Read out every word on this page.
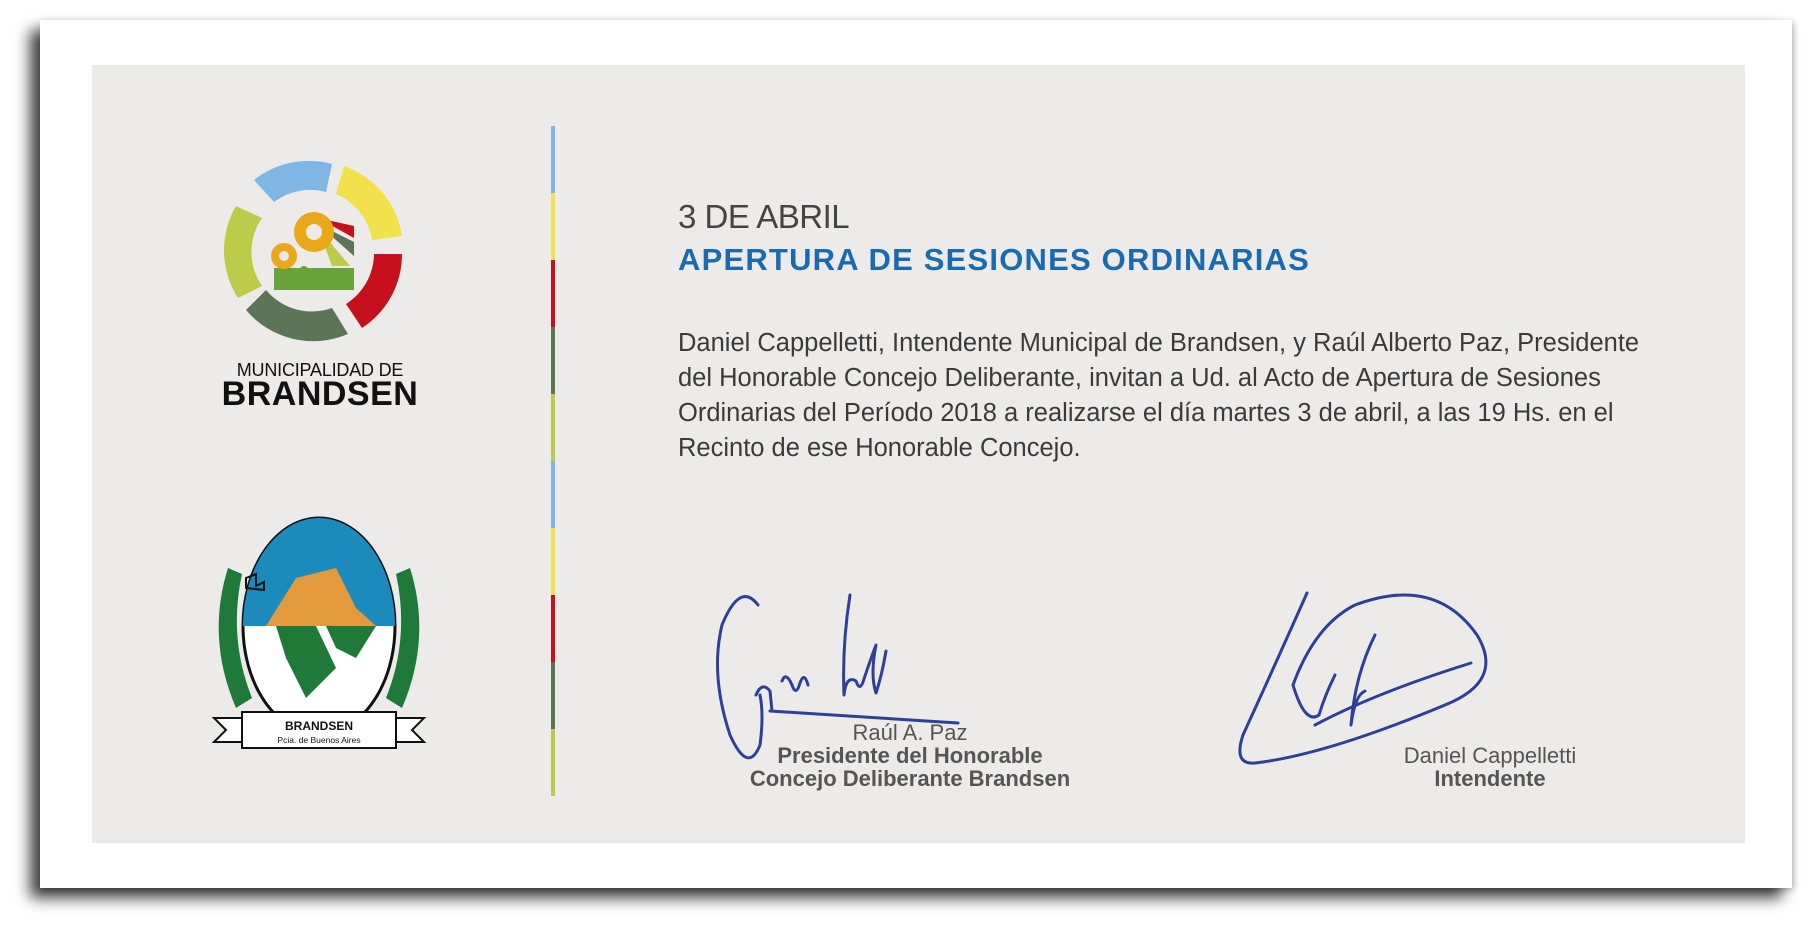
MUNICIPALIDAD DE
BRANDSEN
BRANDSEN
Pcia. de Buenos Aires
3 DE ABRIL
APERTURA DE SESIONES ORDINARIAS
Daniel Cappelletti, Intendente Municipal de Brandsen, y Raúl Alberto Paz, Presidente del Honorable Concejo Deliberante, invitan a Ud. al Acto de Apertura de Sesiones Ordinarias del Período 2018 a realizarse el día martes 3 de abril, a las 19 Hs. en el Recinto de ese Honorable Concejo.
Raúl A. Paz
Presidente del Honorable
Concejo Deliberante Brandsen
Daniel Cappelletti
Intendente
